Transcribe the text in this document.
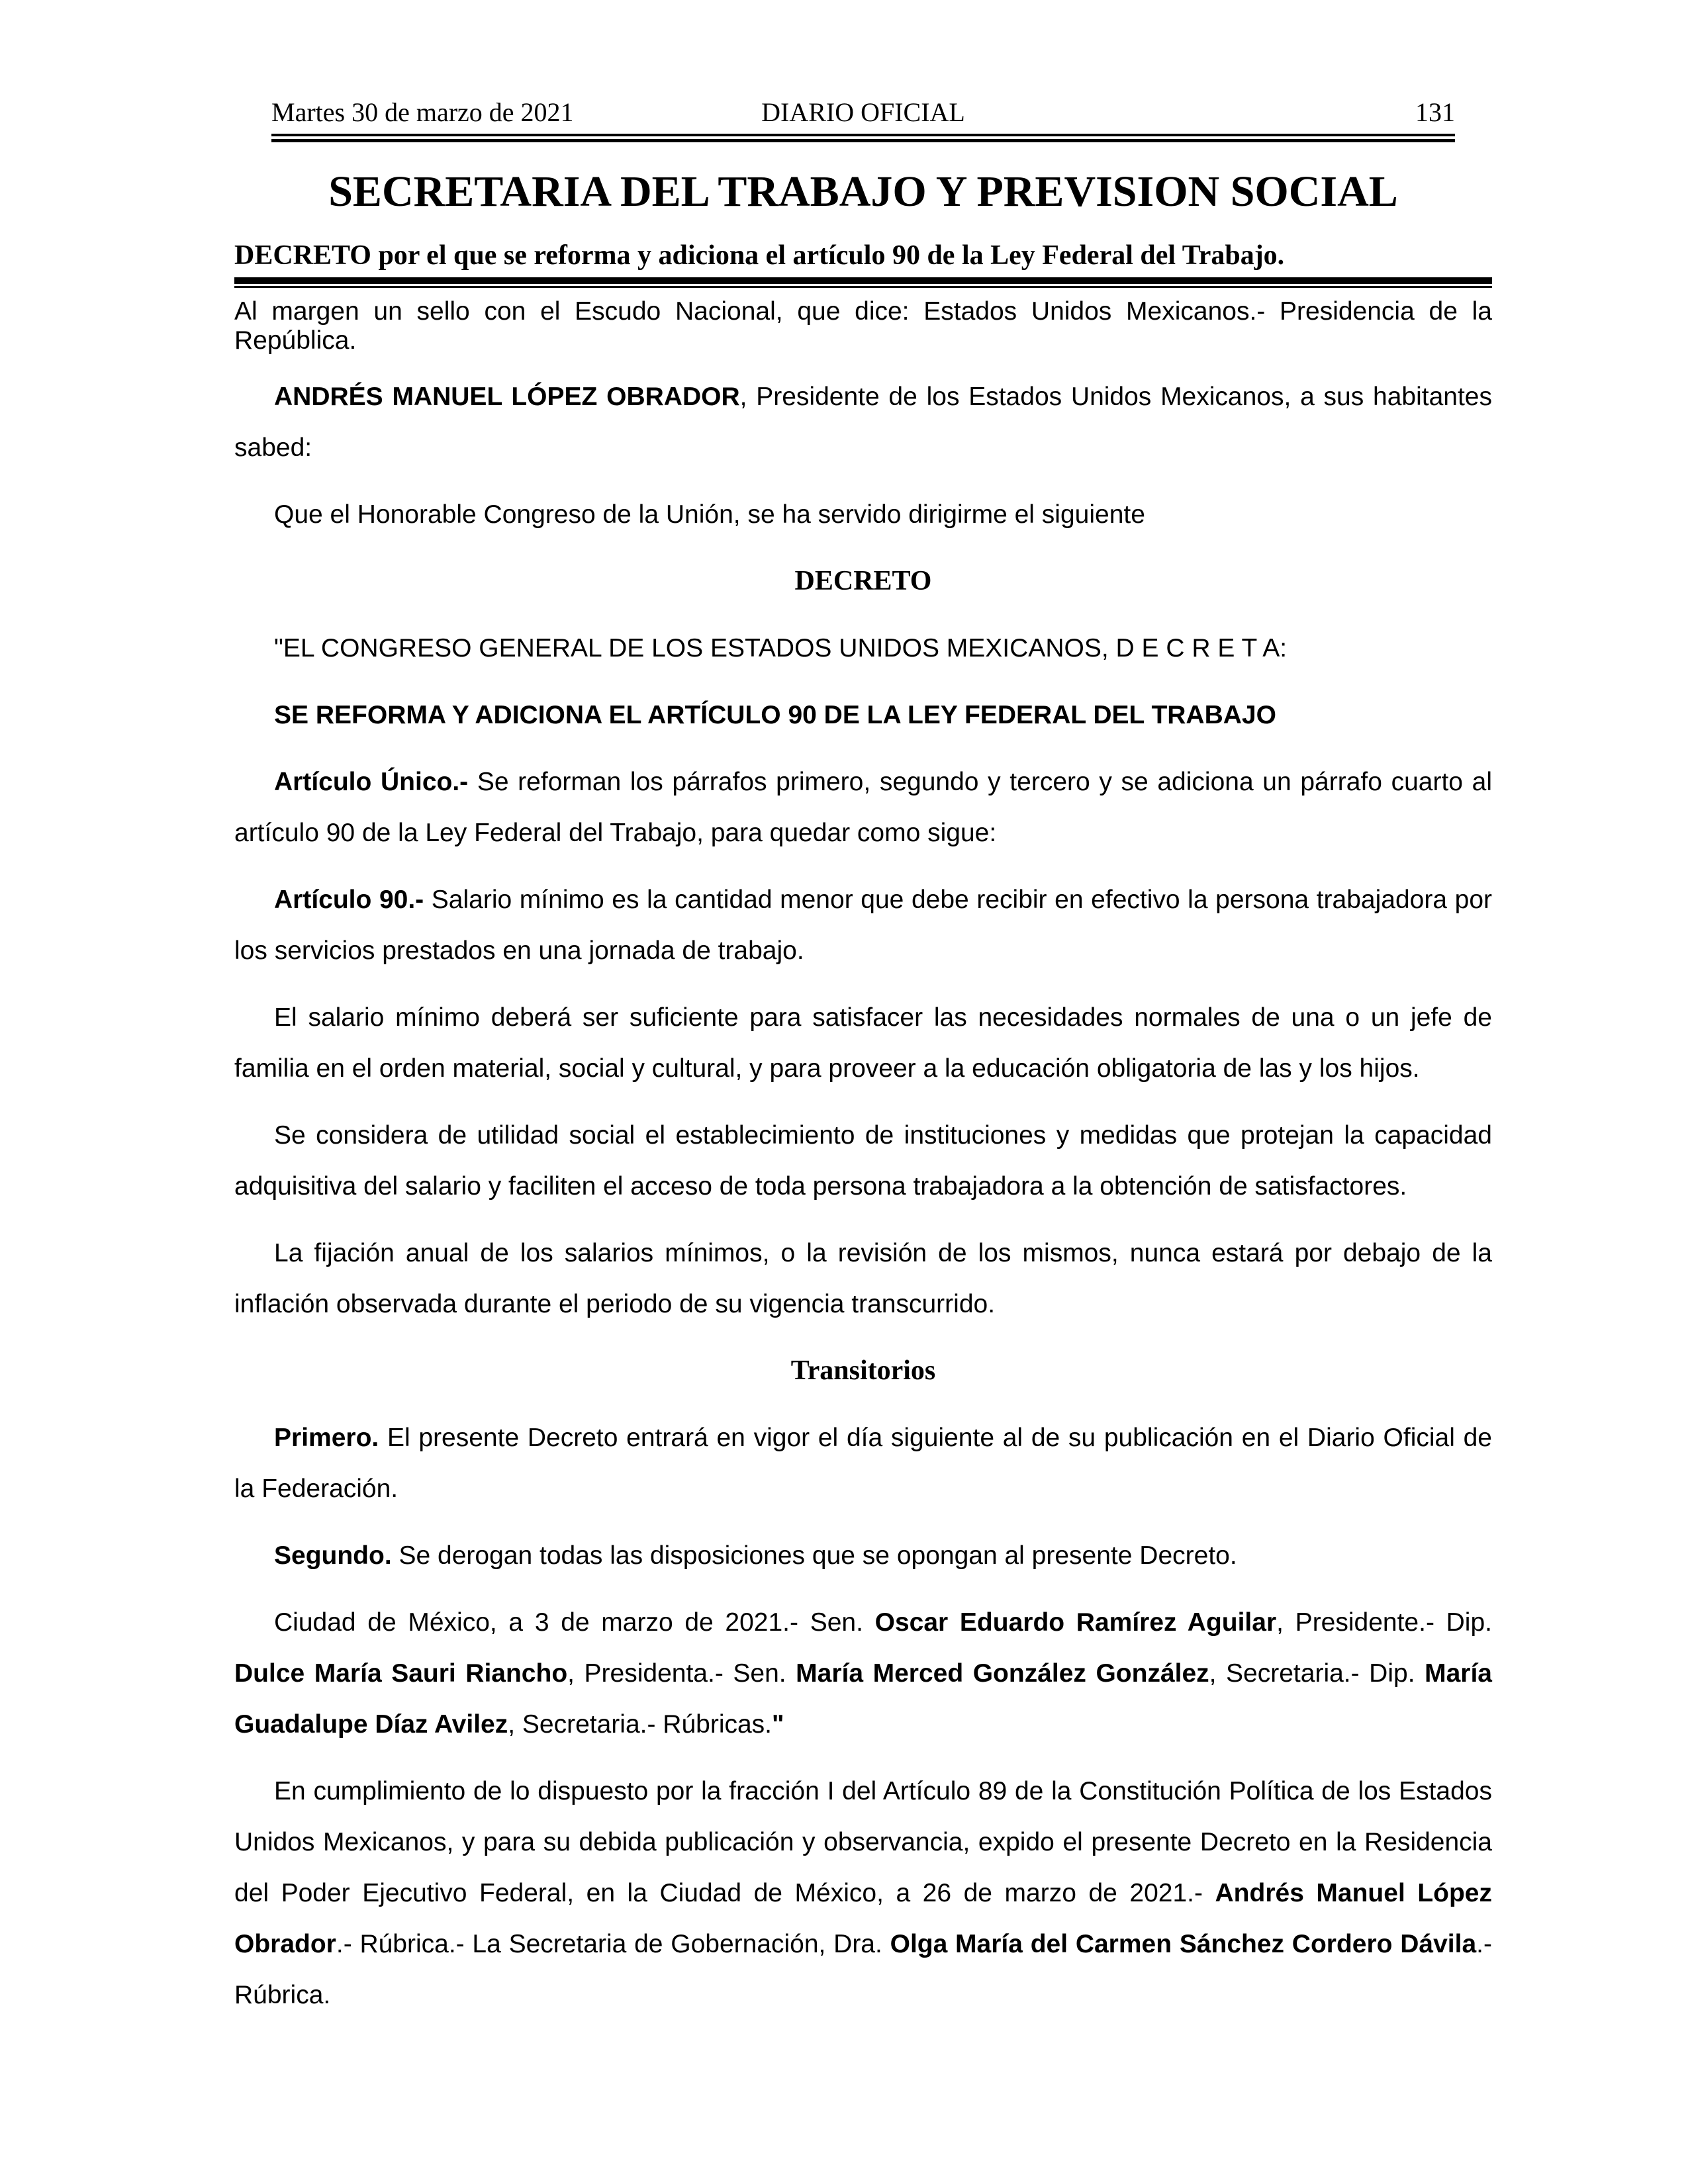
Martes 30 de marzo de 2021	DIARIO OFICIAL	131
SECRETARIA DEL TRABAJO Y PREVISION SOCIAL

DECRETO por el que se reforma y adiciona el artículo 90 de la Ley Federal del Trabajo.

Al margen un sello con el Escudo Nacional, que dice: Estados Unidos Mexicanos.- Presidencia de la República.

ANDRÉS MANUEL LÓPEZ OBRADOR, Presidente de los Estados Unidos Mexicanos, a sus habitantes sabed:

Que el Honorable Congreso de la Unión, se ha servido dirigirme el siguiente

DECRETO

"EL CONGRESO GENERAL DE LOS ESTADOS UNIDOS MEXICANOS, D E C R E T A:

SE REFORMA Y ADICIONA EL ARTÍCULO 90 DE LA LEY FEDERAL DEL TRABAJO

Artículo Único.- Se reforman los párrafos primero, segundo y tercero y se adiciona un párrafo cuarto al artículo 90 de la Ley Federal del Trabajo, para quedar como sigue:

Artículo 90.- Salario mínimo es la cantidad menor que debe recibir en efectivo la persona trabajadora por los servicios prestados en una jornada de trabajo.

El salario mínimo deberá ser suficiente para satisfacer las necesidades normales de una o un jefe de familia en el orden material, social y cultural, y para proveer a la educación obligatoria de las y los hijos.

Se considera de utilidad social el establecimiento de instituciones y medidas que protejan la capacidad adquisitiva del salario y faciliten el acceso de toda persona trabajadora a la obtención de satisfactores.

La fijación anual de los salarios mínimos, o la revisión de los mismos, nunca estará por debajo de la inflación observada durante el periodo de su vigencia transcurrido.

Transitorios

Primero. El presente Decreto entrará en vigor el día siguiente al de su publicación en el Diario Oficial de la Federación.

Segundo. Se derogan todas las disposiciones que se opongan al presente Decreto.

Ciudad de México, a 3 de marzo de 2021.- Sen. Oscar Eduardo Ramírez Aguilar, Presidente.- Dip. Dulce María Sauri Riancho, Presidenta.- Sen. María Merced González González, Secretaria.- Dip. María Guadalupe Díaz Avilez, Secretaria.- Rúbricas."

En cumplimiento de lo dispuesto por la fracción I del Artículo 89 de la Constitución Política de los Estados Unidos Mexicanos, y para su debida publicación y observancia, expido el presente Decreto en la Residencia del Poder Ejecutivo Federal, en la Ciudad de México, a 26 de marzo de 2021.- Andrés Manuel López Obrador.- Rúbrica.- La Secretaria de Gobernación, Dra. Olga María del Carmen Sánchez Cordero Dávila.- Rúbrica.
